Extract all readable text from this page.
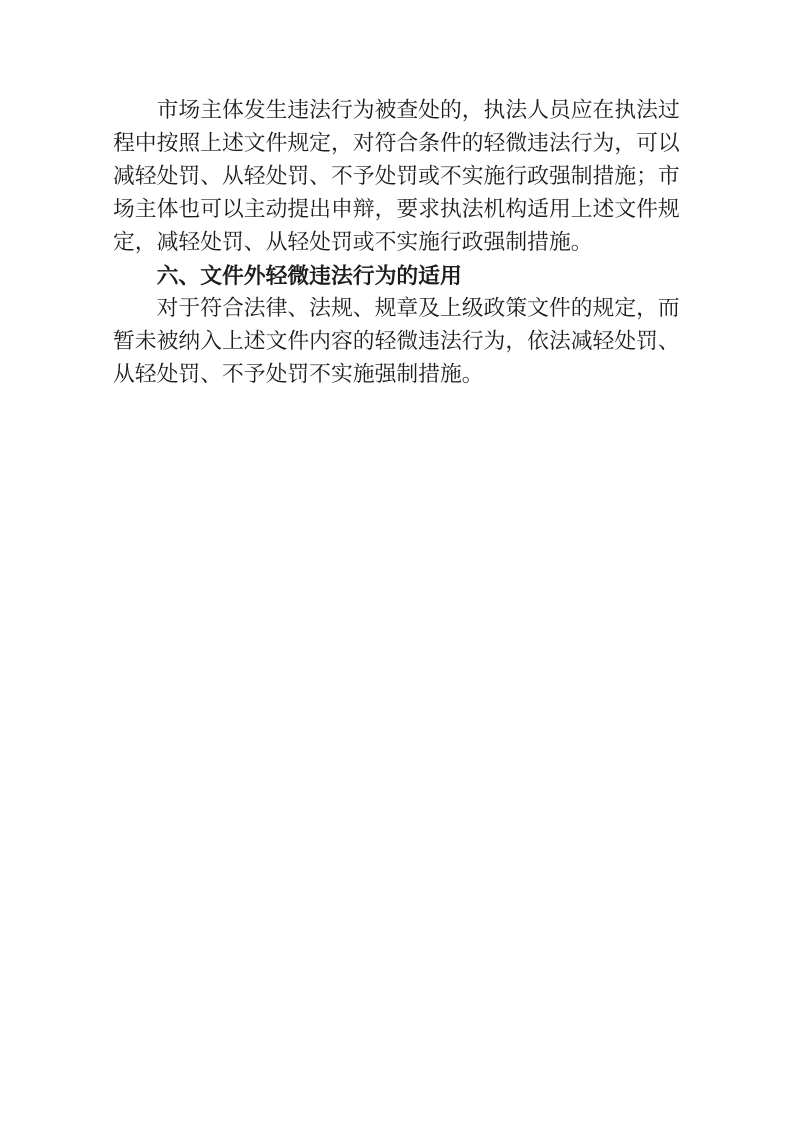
市场主体发生违法行为被查处的，执法人员应在执法过
程中按照上述文件规定，对符合条件的轻微违法行为，可以
减轻处罚、从轻处罚、不予处罚或不实施行政强制措施；市
场主体也可以主动提出申辩，要求执法机构适用上述文件规
定，减轻处罚、从轻处罚或不实施行政强制措施。
六、文件外轻微违法行为的适用
对于符合法律、法规、规章及上级政策文件的规定，而
暂未被纳入上述文件内容的轻微违法行为，依法减轻处罚、
从轻处罚、不予处罚不实施强制措施。
